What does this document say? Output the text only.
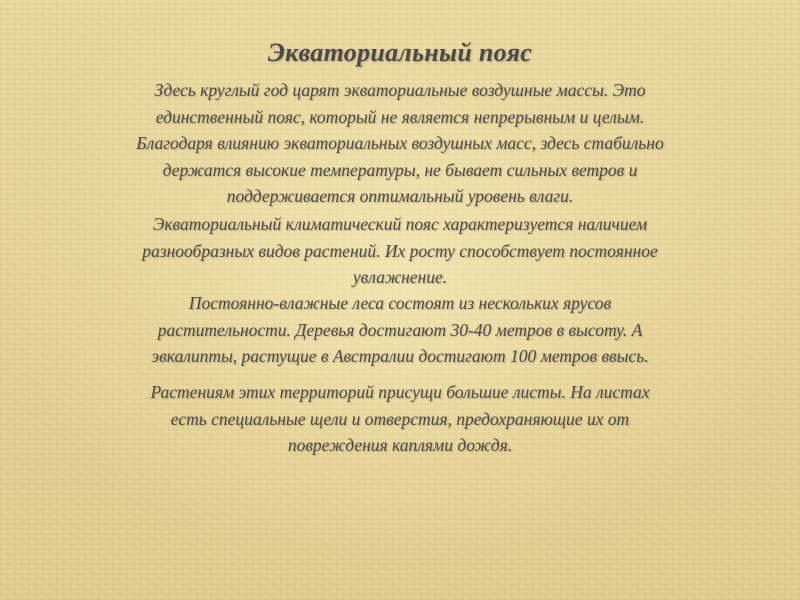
Экваториальный пояс
Здесь круглый год царят экваториальные воздушные массы. Это
единственный пояс, который не является непрерывным и целым.
Благодаря влиянию экваториальных воздушных масс, здесь стабильно
держатся высокие температуры, не бывает сильных ветров и
поддерживается оптимальный уровень влаги.
Экваториальный климатический пояс характеризуется наличием
разнообразных видов растений. Их росту способствует постоянное
увлажнение.
Постоянно-влажные леса состоят из нескольких ярусов
растительности. Деревья достигают 30-40 метров в высоту. А
эвкалипты, растущие в Австралии достигают 100 метров ввысь.
Растениям этих территорий присущи большие листы. На листах
есть специальные щели и отверстия, предохраняющие их от
повреждения каплями дождя.
